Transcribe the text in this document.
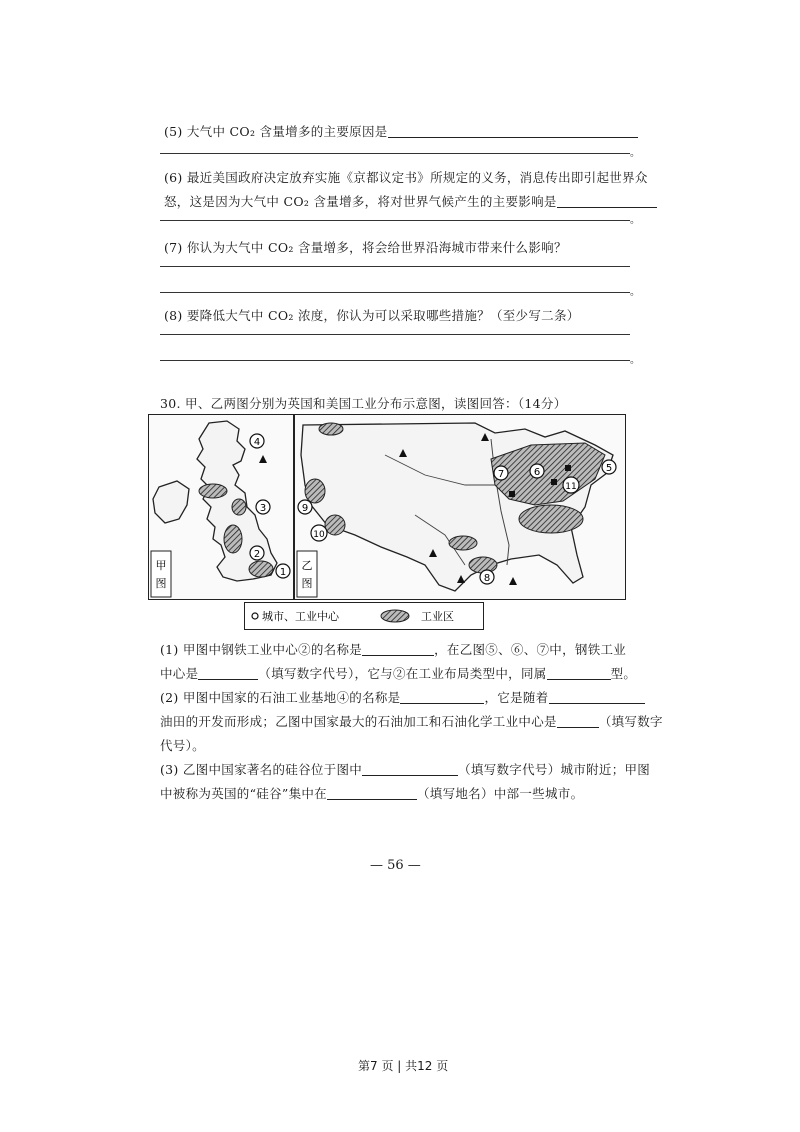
(5) 大气中 CO₂ 含量增多的主要原因是
。
(6) 最近美国政府决定放弃实施《京都议定书》所规定的义务，消息传出即引起世界众
怒，这是因为大气中 CO₂ 含量增多，将对世界气候产生的主要影响是
。
(7) 你认为大气中 CO₂ 含量增多，将会给世界沿海城市带来什么影响？
。
(8) 要降低大气中 CO₂ 浓度，你认为可以采取哪些措施？（至少写二条）
。
30. 甲、乙两图分别为英国和美国工业分布示意图，读图回答：（14分）
4
3
2
1
甲
图
9
10
7	6	5
11
8
乙
图
城市、工业中心	工业区
(1) 甲图中钢铁工业中心②的名称是	，在乙图⑤、⑥、⑦中，钢铁工业
中心是	（填写数字代号），它与②在工业布局类型中，同属	型。
(2) 甲图中国家的石油工业基地④的名称是	，它是随着
油田的开发而形成；乙图中国家最大的石油加工和石油化学工业中心是	（填写数字
代号）。
(3) 乙图中国家著名的硅谷位于图中	（填写数字代号）城市附近；甲图
中被称为英国的“硅谷”集中在	（填写地名）中部一些城市。
— 56 —
第7 页 | 共12 页
